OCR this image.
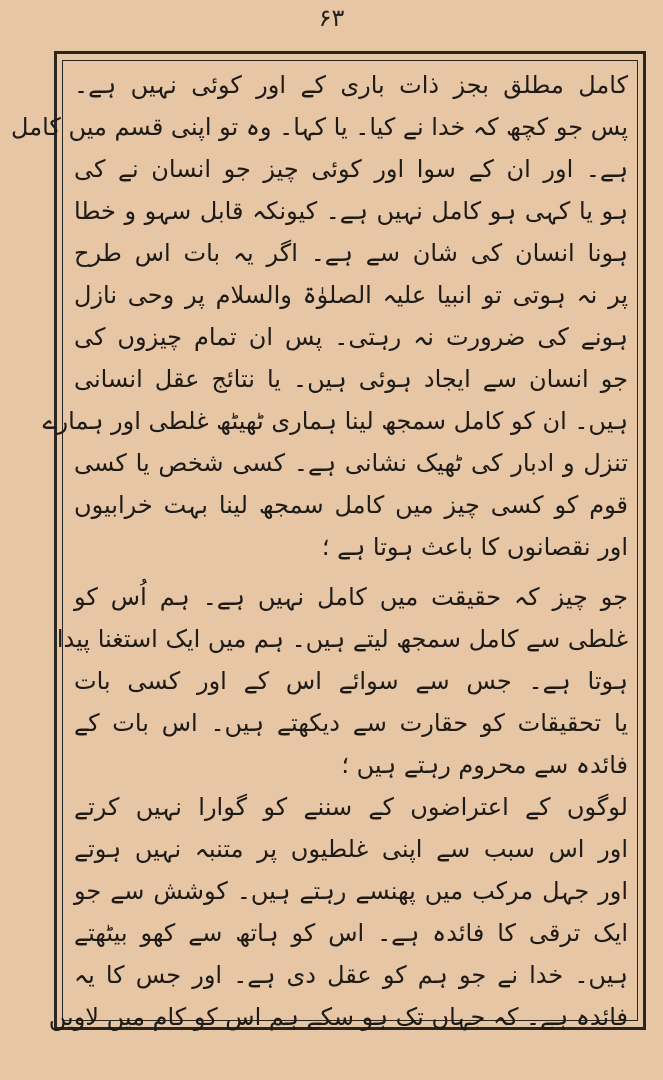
۶۳
کامل مطلق بجز ذات باری کے اور کوئی نہیں ہے۔
پس جو کچھ کہ خدا نے کیا۔ یا کہا۔ وہ تو اپنی قسم میں کامل
ہے۔ اور ان کے سوا اور کوئی چیز جو انسان نے کی
ہو یا کہی ہو کامل نہیں ہے۔ کیونکہ قابل سہو و خطا
ہونا انسان کی شان سے ہے۔ اگر یہ بات اس طرح
پر نہ ہوتی تو انبیا علیہ الصلوٰۃ والسلام پر وحی نازل
ہونے کی ضرورت نہ رہتی۔ پس ان تمام چیزوں کی
جو انسان سے ایجاد ہوئی ہیں۔ یا نتائج عقل انسانی
ہیں۔ ان کو کامل سمجھ لینا ہماری ٹھیٹھ غلطی اور ہمارے
تنزل و ادبار کی ٹھیک نشانی ہے۔ کسی شخص یا کسی
قوم کو کسی چیز میں کامل سمجھ لینا بہت خرابیوں
اور نقصانوں کا باعث ہوتا ہے ؛
جو چیز کہ حقیقت میں کامل نہیں ہے۔ ہم اُس کو
غلطی سے کامل سمجھ لیتے ہیں۔ ہم میں ایک استغنا پیدا
ہوتا ہے۔ جس سے سوائے اس کے اور کسی بات
یا تحقیقات کو حقارت سے دیکھتے ہیں۔ اس بات کے
فائدہ سے محروم رہتے ہیں ؛
لوگوں کے اعتراضوں کے سننے کو گوارا نہیں کرتے
اور اس سبب سے اپنی غلطیوں پر متنبہ نہیں ہوتے
اور جہل مرکب میں پھنسے رہتے ہیں۔ کوشش سے جو
ایک ترقی کا فائدہ ہے۔ اس کو ہاتھ سے کھو بیٹھتے
ہیں۔ خدا نے جو ہم کو عقل دی ہے۔ اور جس کا یہ
فائدہ ہے۔ کہ جہاں تک ہو سکے ہم اس کو کام میں لاویں
